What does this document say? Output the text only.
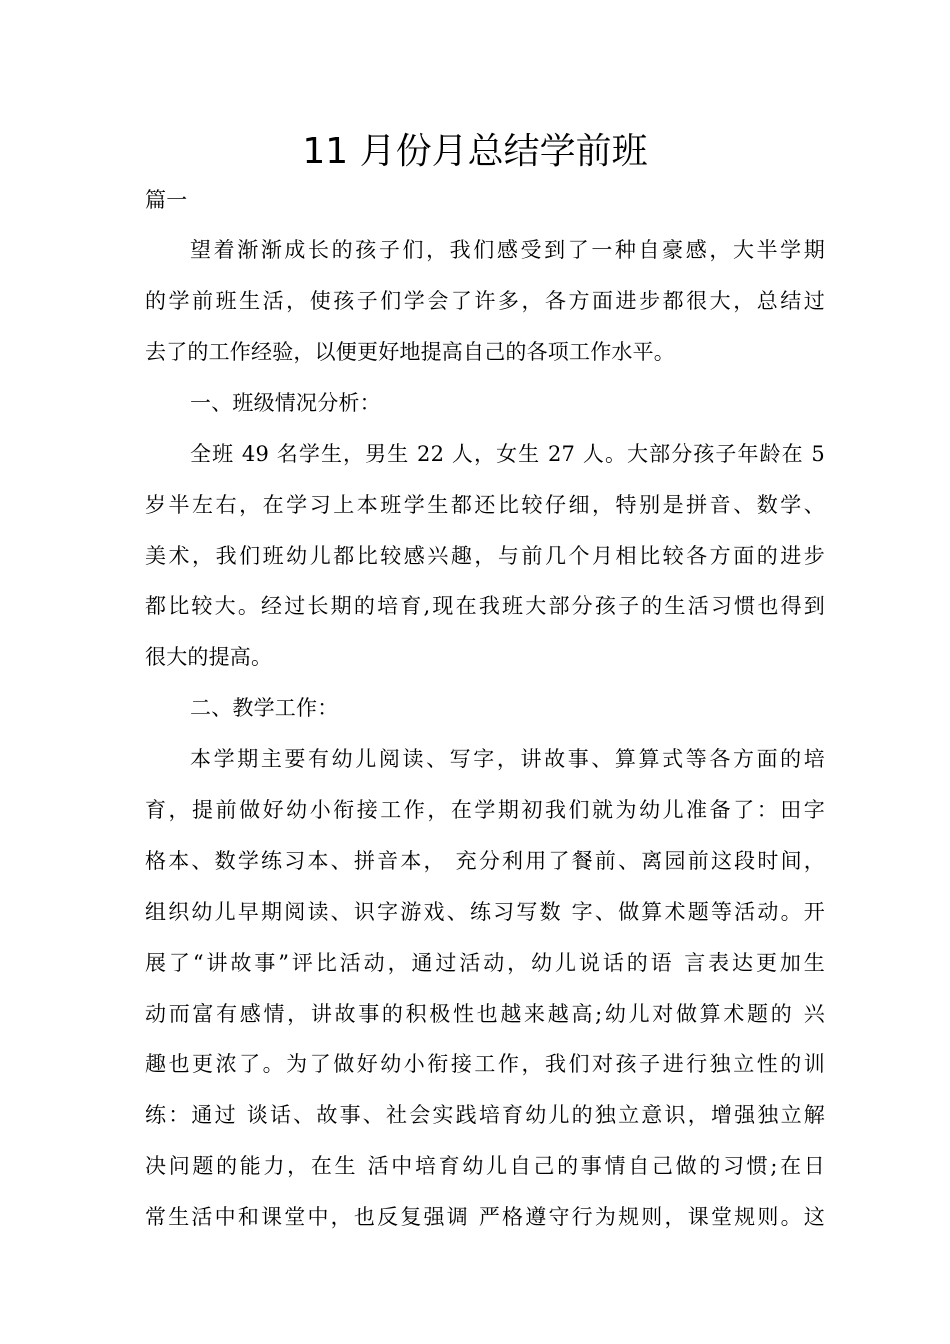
11 月份月总结学前班
篇一
望着渐渐成长的孩子们，我们感受到了一种自豪感，大半学期
的学前班生活，使孩子们学会了许多，各方面进步都很大，总结过
去了的工作经验，以便更好地提高自己的各项工作水平。
一、班级情况分析：
全班 49 名学生，男生 22 人，女生 27 人。大部分孩子年龄在 5
岁半左右，在学习上本班学生都还比较仔细，特别是拼音、数学、
美术，我们班幼儿都比较感兴趣，与前几个月相比较各方面的进步
都比较大。经过长期的培育,现在我班大部分孩子的生活习惯也得到
很大的提高。
二、教学工作：
本学期主要有幼儿阅读、写字，讲故事、算算式等各方面的培
育，提前做好幼小衔接工作，在学期初我们就为幼儿准备了：田字
格本、数学练习本、拼音本， 充分利用了餐前、离园前这段时间，
组织幼儿早期阅读、识字游戏、练习写数 字、做算术题等活动。开
展了“讲故事”评比活动，通过活动，幼儿说话的语 言表达更加生
动而富有感情，讲故事的积极性也越来越高;幼儿对做算术题的 兴
趣也更浓了。为了做好幼小衔接工作，我们对孩子进行独立性的训
练：通过 谈话、故事、社会实践培育幼儿的独立意识，增强独立解
决问题的能力，在生 活中培育幼儿自己的事情自己做的习惯;在日
常生活中和课堂中，也反复强调 严格遵守行为规则，课堂规则。这
